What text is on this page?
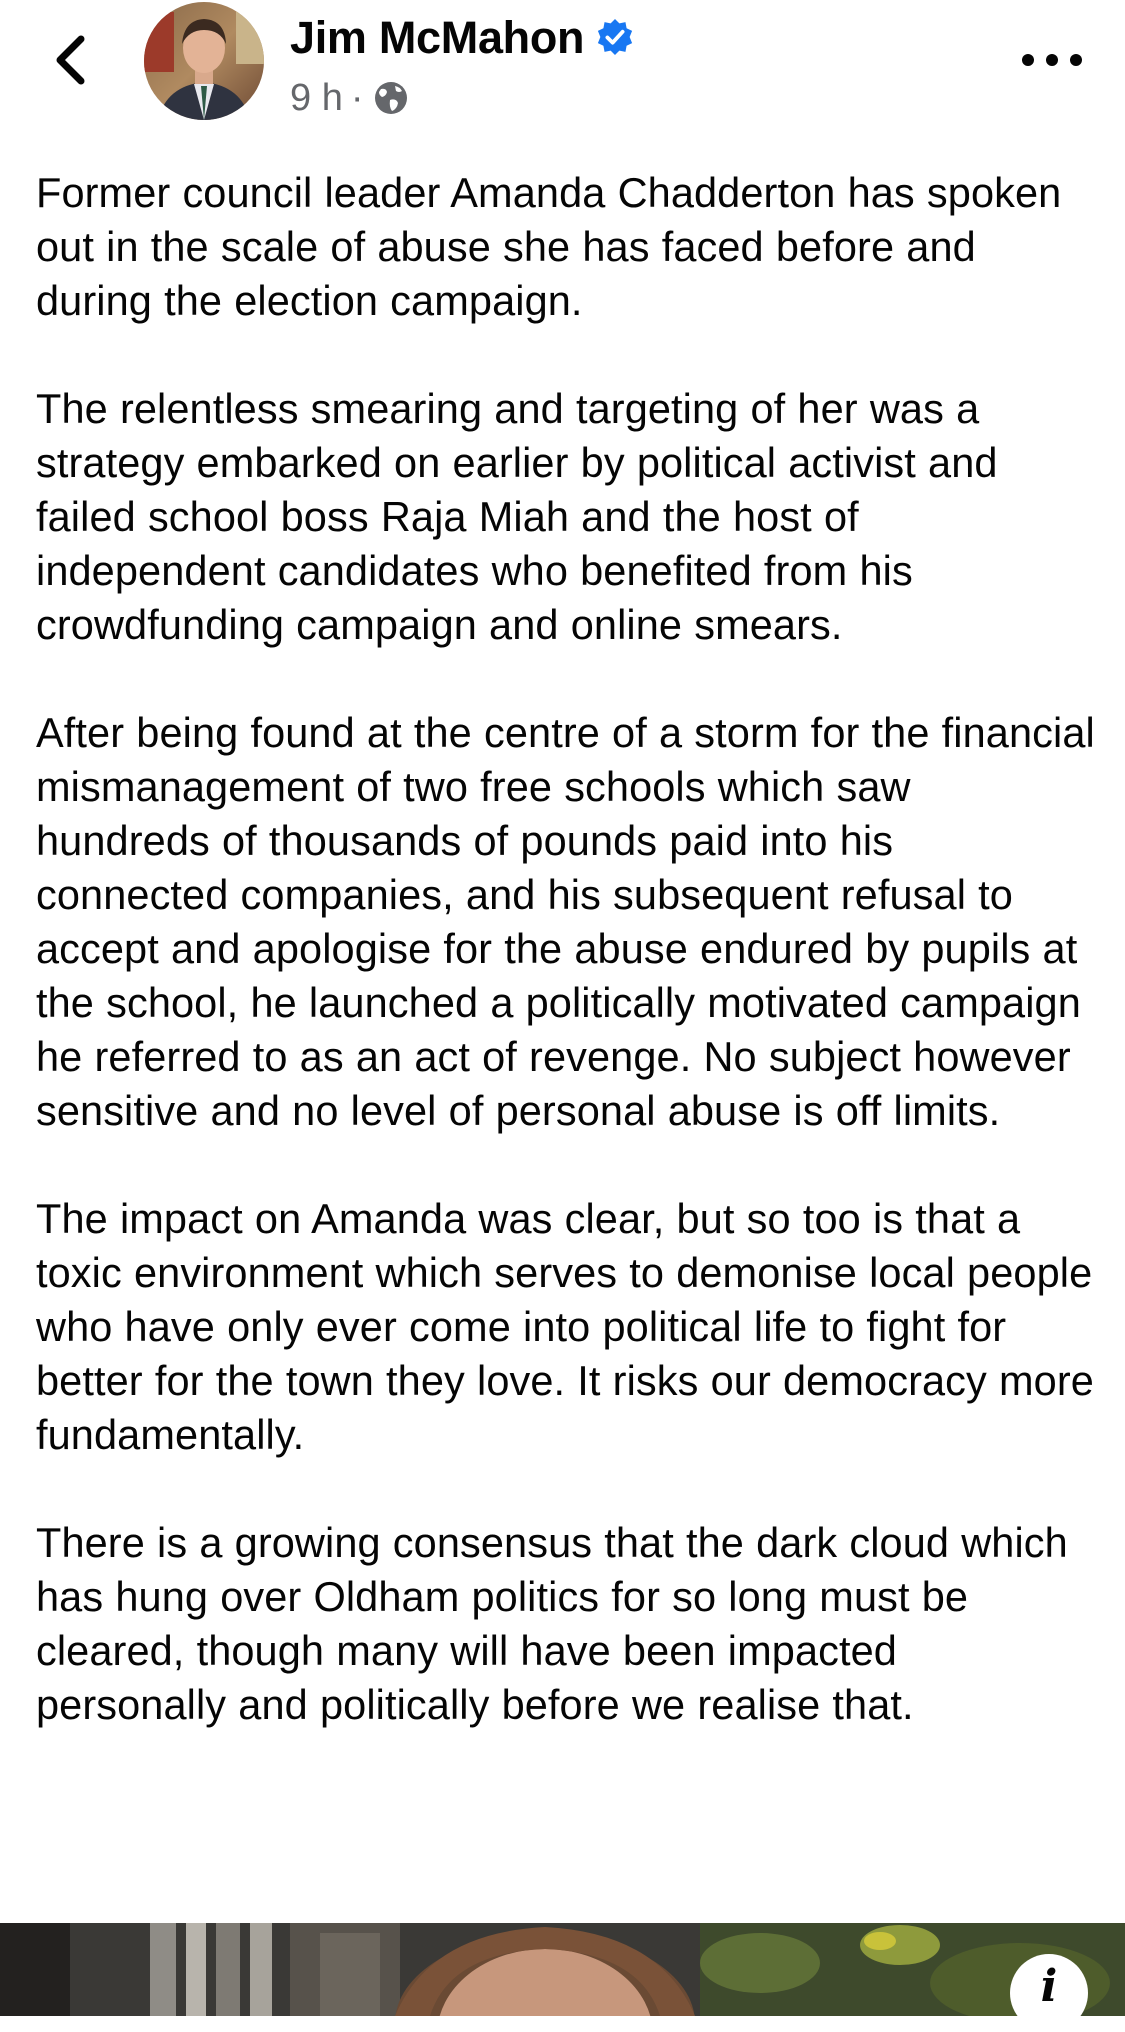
Jim McMahon
9 h ·

Former council leader Amanda Chadderton has spoken out in the scale of abuse she has faced before and during the election campaign.

The relentless smearing and targeting of her was a strategy embarked on earlier by political activist and failed school boss Raja Miah and the host of independent candidates who benefited from his crowdfunding campaign and online smears.

After being found at the centre of a storm for the financial mismanagement of two free schools which saw hundreds of thousands of pounds paid into his connected companies, and his subsequent refusal to accept and apologise for the abuse endured by pupils at the school, he launched a politically motivated campaign he referred to as an act of revenge. No subject however sensitive and no level of personal abuse is off limits.

The impact on Amanda was clear, but so too is that a toxic environment which serves to demonise local people who have only ever come into political life to fight for better for the town they love. It risks our democracy more fundamentally.

There is a growing consensus that the dark cloud which has hung over Oldham politics for so long must be cleared, though many will have been impacted personally and politically before we realise that.

i
